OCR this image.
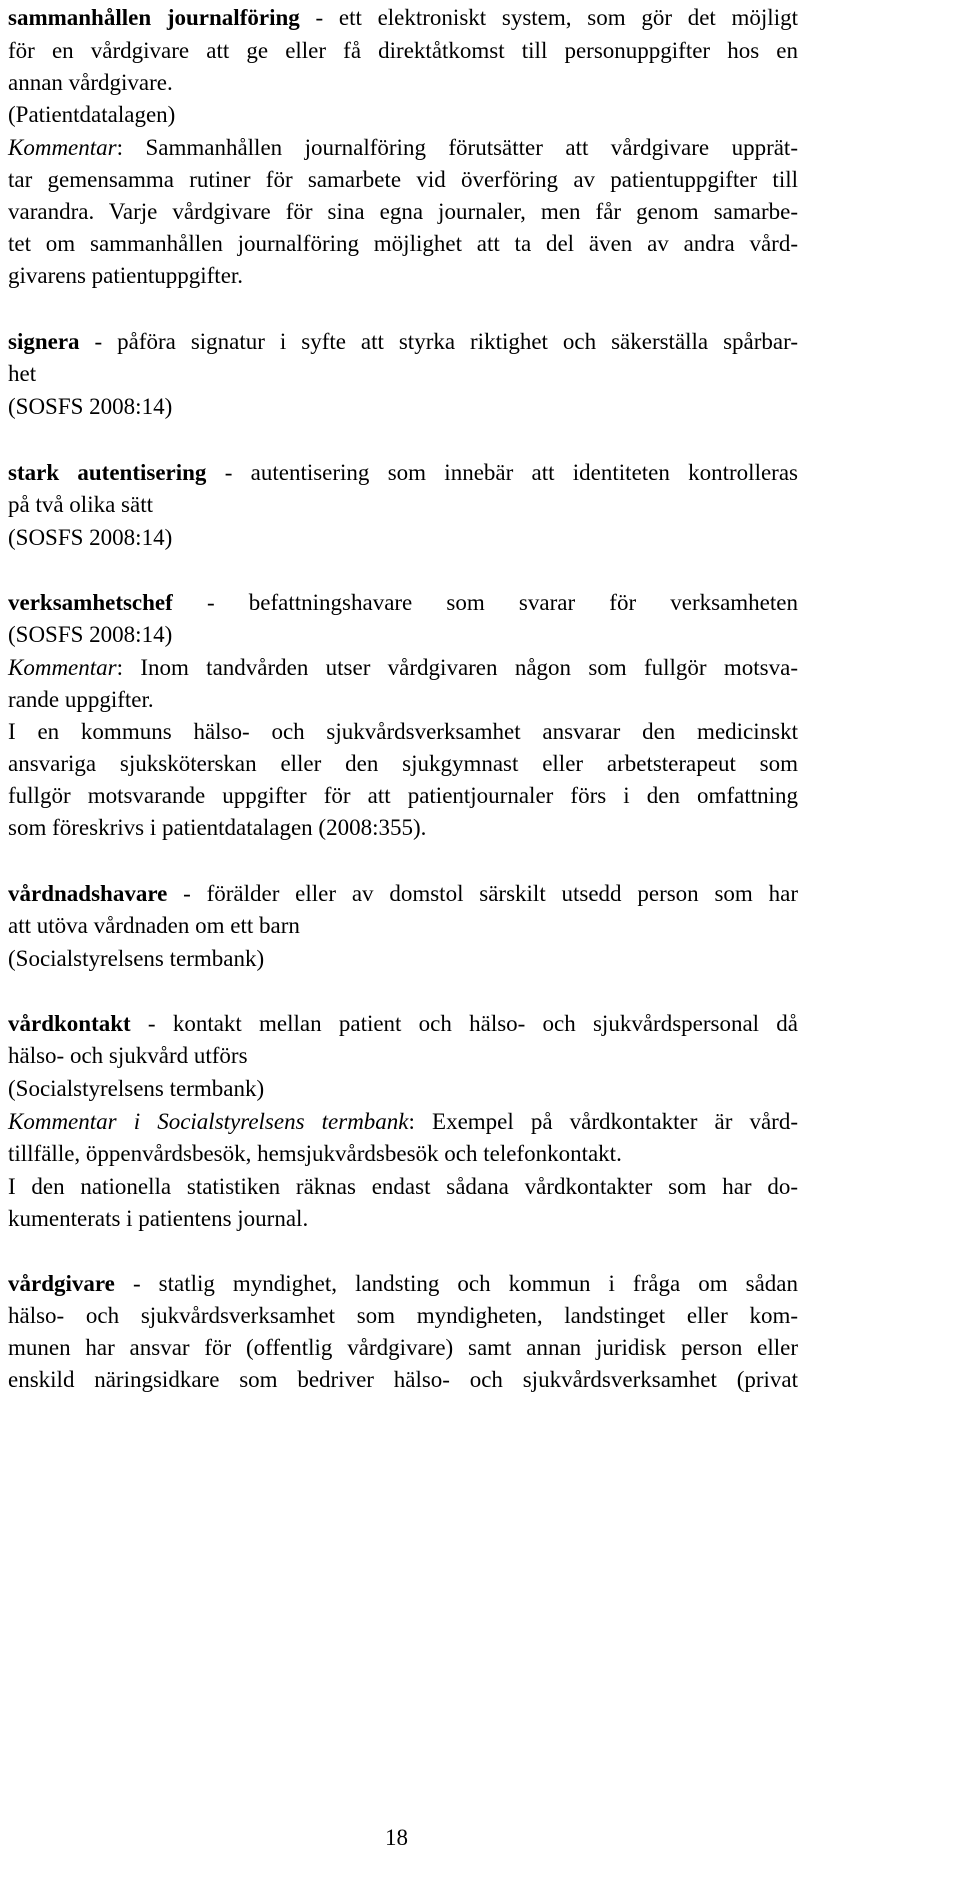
sammanhållen journalföring - ett elektroniskt system, som gör det möjligt
för en vårdgivare att ge eller få direktåtkomst till personuppgifter hos en
annan vårdgivare.
(Patientdatalagen)
Kommentar: Sammanhållen journalföring förutsätter att vårdgivare upprät-
tar gemensamma rutiner för samarbete vid överföring av patientuppgifter till
varandra. Varje vårdgivare för sina egna journaler, men får genom samarbe-
tet om sammanhållen journalföring möjlighet att ta del även av andra vård-
givarens patientuppgifter.
signera - påföra signatur i syfte att styrka riktighet och säkerställa spårbar-
het
(SOSFS 2008:14)
stark autentisering - autentisering som innebär att identiteten kontrolleras
på två olika sätt
(SOSFS 2008:14)
verksamhetschef - befattningshavare som svarar för verksamheten
(SOSFS 2008:14)
Kommentar: Inom tandvården utser vårdgivaren någon som fullgör motsva-
rande uppgifter.
I en kommuns hälso- och sjukvårdsverksamhet ansvarar den medicinskt
ansvariga sjuksköterskan eller den sjukgymnast eller arbetsterapeut som
fullgör motsvarande uppgifter för att patientjournaler förs i den omfattning
som föreskrivs i patientdatalagen (2008:355).
vårdnadshavare - förälder eller av domstol särskilt utsedd person som har
att utöva vårdnaden om ett barn
(Socialstyrelsens termbank)
vårdkontakt - kontakt mellan patient och hälso- och sjukvårdspersonal då
hälso- och sjukvård utförs
(Socialstyrelsens termbank)
Kommentar i Socialstyrelsens termbank: Exempel på vårdkontakter är vård-
tillfälle, öppenvårdsbesök, hemsjukvårdsbesök och telefonkontakt.
I den nationella statistiken räknas endast sådana vårdkontakter som har do-
kumenterats i patientens journal.
vårdgivare - statlig myndighet, landsting och kommun i fråga om sådan
hälso- och sjukvårdsverksamhet som myndigheten, landstinget eller kom-
munen har ansvar för (offentlig vårdgivare) samt annan juridisk person eller
enskild näringsidkare som bedriver hälso- och sjukvårdsverksamhet (privat
18
